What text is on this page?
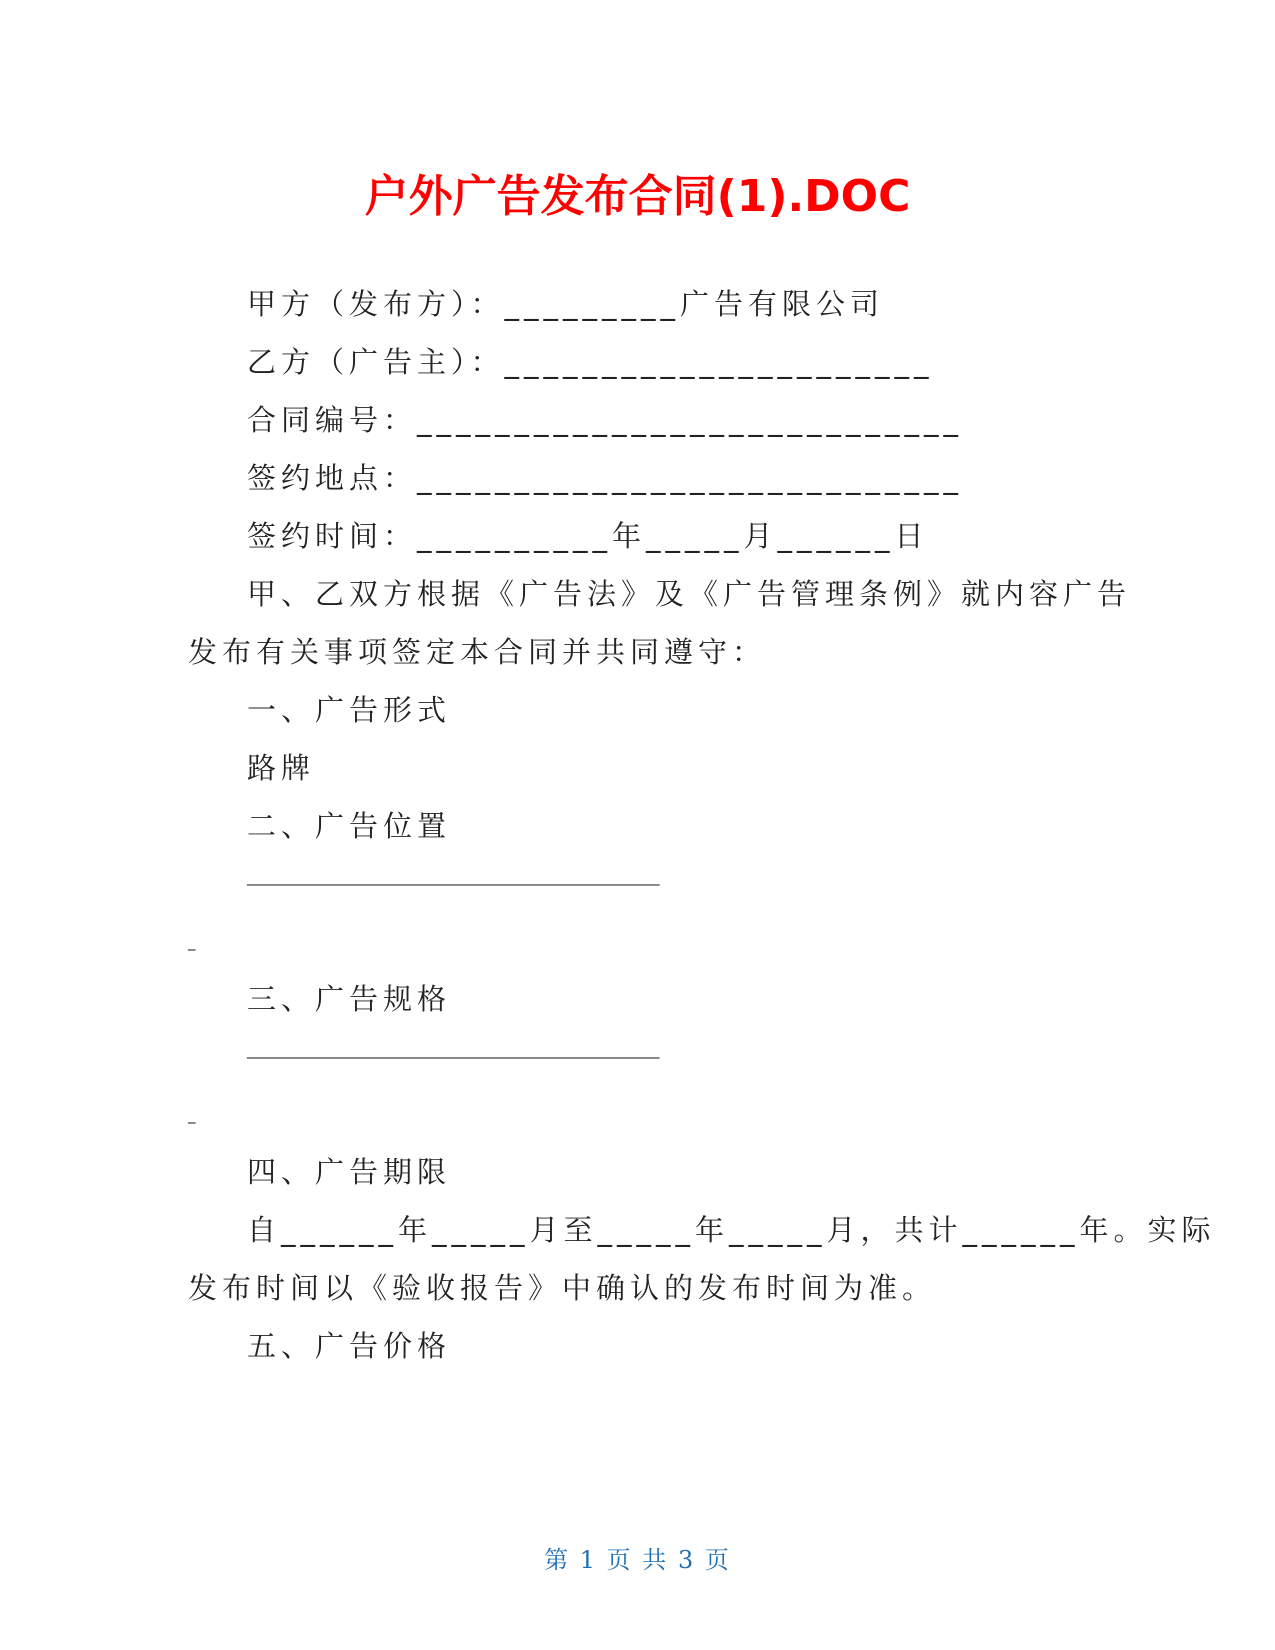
户外广告发布合同(1).DOC
甲方（发布方）：_________广告有限公司
乙方（广告主）：______________________
合同编号：____________________________
签约地点：____________________________
签约时间：__________年_____月______日
甲、乙双方根据《广告法》及《广告管理条例》就内容广告
发布有关事项签定本合同并共同遵守：
一、广告形式
路牌
二、广告位置
_______________________________________________________
_
三、广告规格
_______________________________________________________
_
四、广告期限
自______年_____月至_____年_____月，共计______年。实际
发布时间以《验收报告》中确认的发布时间为准。
五、广告价格
第 1 页 共 3 页
